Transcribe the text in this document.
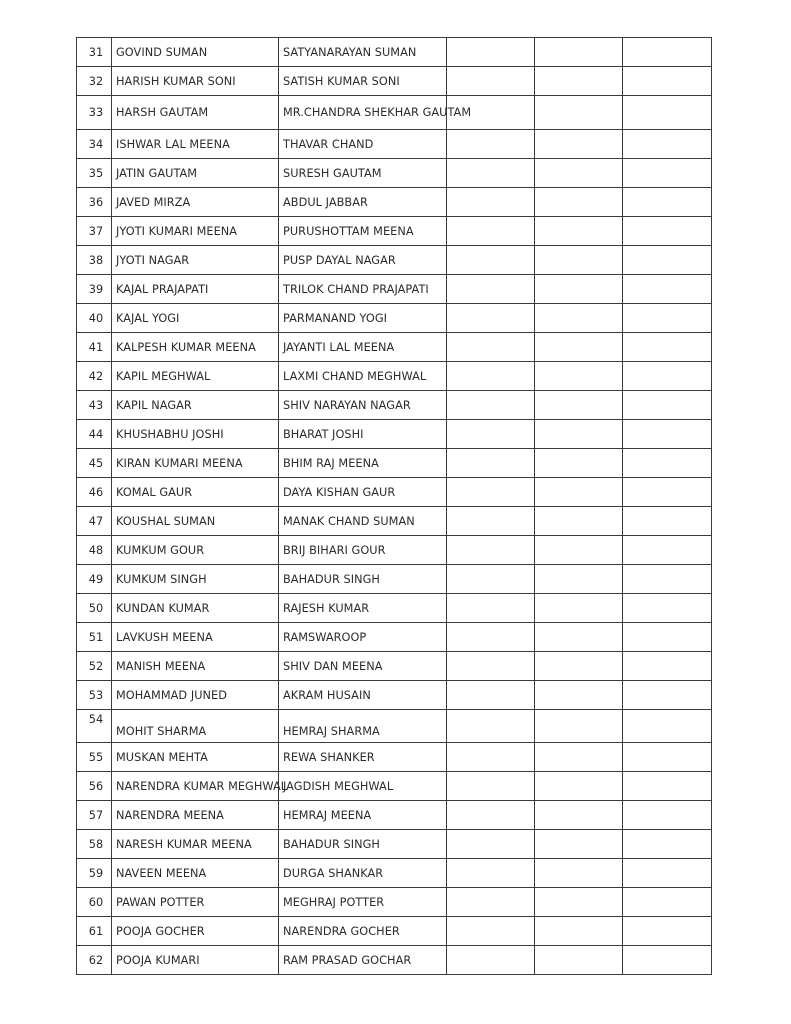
31	GOVIND SUMAN	SATYANARAYAN SUMAN			
32	HARISH KUMAR SONI	SATISH KUMAR SONI			
33	HARSH GAUTAM	MR.CHANDRA SHEKHAR GAUTAM			
34	ISHWAR LAL MEENA	THAVAR CHAND			
35	JATIN GAUTAM	SURESH GAUTAM			
36	JAVED MIRZA	ABDUL JABBAR			
37	JYOTI KUMARI MEENA	PURUSHOTTAM MEENA			
38	JYOTI NAGAR	PUSP DAYAL NAGAR			
39	KAJAL PRAJAPATI	TRILOK CHAND PRAJAPATI			
40	KAJAL YOGI	PARMANAND YOGI			
41	KALPESH KUMAR MEENA	JAYANTI LAL MEENA			
42	KAPIL MEGHWAL	LAXMI CHAND MEGHWAL			
43	KAPIL NAGAR	SHIV NARAYAN NAGAR			
44	KHUSHABHU JOSHI	BHARAT JOSHI			
45	KIRAN KUMARI MEENA	BHIM RAJ MEENA			
46	KOMAL GAUR	DAYA KISHAN GAUR			
47	KOUSHAL SUMAN	MANAK CHAND SUMAN			
48	KUMKUM GOUR	BRIJ BIHARI GOUR			
49	KUMKUM SINGH	BAHADUR SINGH			
50	KUNDAN KUMAR	RAJESH KUMAR			
51	LAVKUSH MEENA	RAMSWAROOP			
52	MANISH MEENA	SHIV DAN MEENA			
53	MOHAMMAD JUNED	AKRAM HUSAIN			
54	MOHIT SHARMA	HEMRAJ SHARMA			
55	MUSKAN MEHTA	REWA SHANKER			
56	NARENDRA KUMAR MEGHWAL	JAGDISH MEGHWAL			
57	NARENDRA MEENA	HEMRAJ MEENA			
58	NARESH KUMAR MEENA	BAHADUR SINGH			
59	NAVEEN MEENA	DURGA SHANKAR			
60	PAWAN POTTER	MEGHRAJ POTTER			
61	POOJA GOCHER	NARENDRA GOCHER			
62	POOJA KUMARI	RAM PRASAD GOCHAR			
